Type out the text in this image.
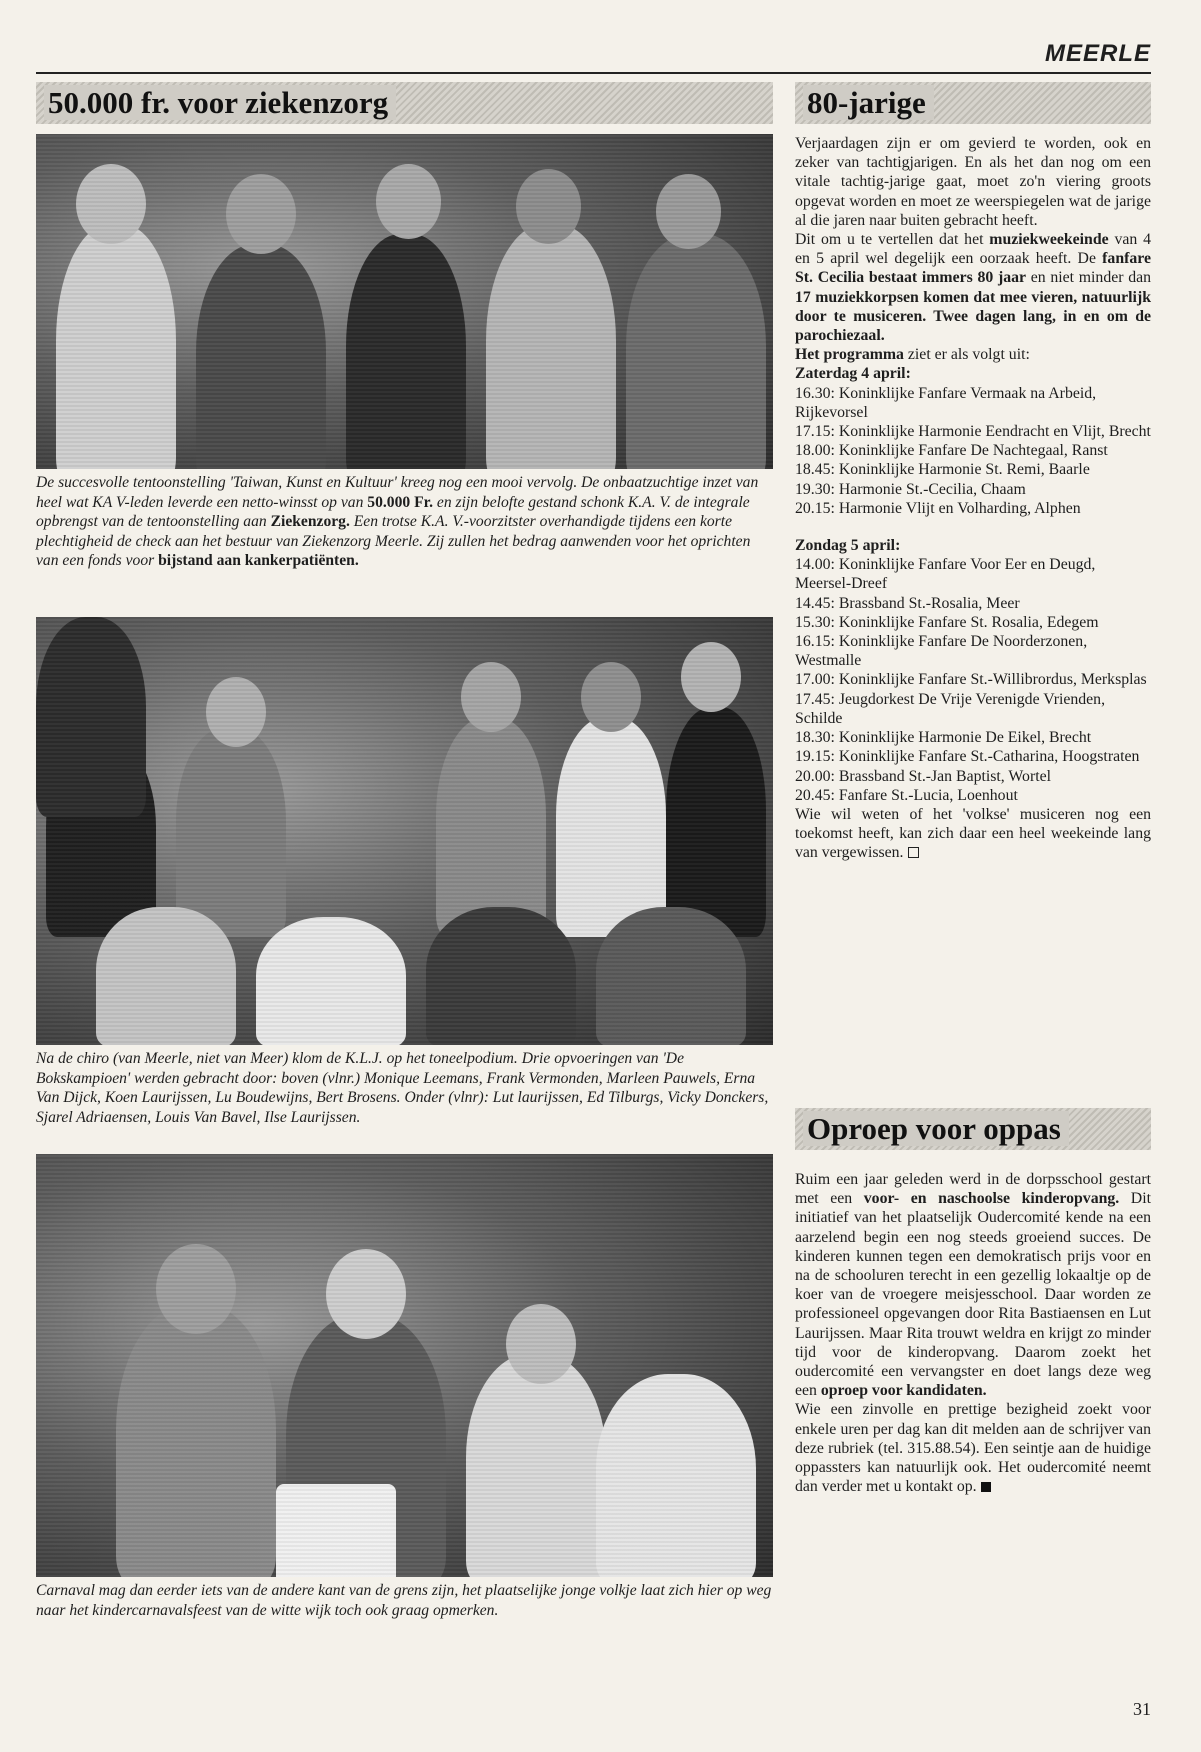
MEERLE
50.000 fr. voor ziekenzorg
De succesvolle tentoonstelling 'Taiwan, Kunst en Kultuur' kreeg nog een mooi vervolg. De onbaatzuchtige inzet van heel wat KA V-leden leverde een netto-winsst op van 50.000 Fr. en zijn belofte gestand schonk K.A. V. de integrale opbrengst van de tentoonstelling aan Ziekenzorg. Een trotse K.A. V.-voorzitster overhandigde tijdens een korte plechtigheid de check aan het bestuur van Ziekenzorg Meerle. Zij zullen het bedrag aanwenden voor het oprichten van een fonds voor bijstand aan kankerpatiënten.
Na de chiro (van Meerle, niet van Meer) klom de K.L.J. op het toneelpodium. Drie opvoeringen van 'De Bokskampioen' werden gebracht door: boven (vlnr.) Monique Leemans, Frank Vermonden, Marleen Pauwels, Erna Van Dijck, Koen Laurijssen, Lu Boudewijns, Bert Brosens. Onder (vlnr): Lut laurijssen, Ed Tilburgs, Vicky Donckers, Sjarel Adriaensen, Louis Van Bavel, Ilse Laurijssen.
Carnaval mag dan eerder iets van de andere kant van de grens zijn, het plaatselijke jonge volkje laat zich hier op weg naar het kindercarnavalsfeest van de witte wijk toch ook graag opmerken.
80-jarige

Verjaardagen zijn er om gevierd te worden, ook en zeker van tachtigjarigen. En als het dan nog om een vitale tachtig-jarige gaat, moet zo'n viering groots opgevat worden en moet ze weerspiegelen wat de jarige al die jaren naar buiten gebracht heeft.

Dit om u te vertellen dat het muziekweekeinde van 4 en 5 april wel degelijk een oorzaak heeft. De fanfare St. Cecilia bestaat immers 80 jaar en niet minder dan 17 muziekkorpsen komen dat mee vieren, natuurlijk door te musiceren. Twee dagen lang, in en om de parochiezaal.

Het programma ziet er als volgt uit:

Zaterdag 4 april:

16.30: Koninklijke Fanfare Vermaak na Arbeid, Rijkevorsel
17.15: Koninklijke Harmonie Eendracht en Vlijt, Brecht
18.00: Koninklijke Fanfare De Nachtegaal, Ranst
18.45: Koninklijke Harmonie St. Remi, Baarle
19.30: Harmonie St.-Cecilia, Chaam
20.15: Harmonie Vlijt en Volharding, Alphen

Zondag 5 april:

14.00: Koninklijke Fanfare Voor Eer en Deugd, Meersel-Dreef
14.45: Brassband St.-Rosalia, Meer
15.30: Koninklijke Fanfare St. Rosalia, Edegem
16.15: Koninklijke Fanfare De Noorderzonen, Westmalle
17.00: Koninklijke Fanfare St.-Willibrordus, Merksplas
17.45: Jeugdorkest De Vrije Verenigde Vrienden, Schilde
18.30: Koninklijke Harmonie De Eikel, Brecht
19.15: Koninklijke Fanfare St.-Catharina, Hoogstraten
20.00: Brassband St.-Jan Baptist, Wortel
20.45: Fanfare St.-Lucia, Loenhout

Wie wil weten of het 'volkse' musiceren nog een toekomst heeft, kan zich daar een heel weekeinde lang van vergewissen.

Oproep voor oppas

Ruim een jaar geleden werd in de dorpsschool gestart met een voor- en naschoolse kinderopvang. Dit initiatief van het plaatselijk Oudercomité kende na een aarzelend begin een nog steeds groeiend succes. De kinderen kunnen tegen een demokratisch prijs voor en na de schooluren terecht in een gezellig lokaaltje op de koer van de vroegere meisjesschool. Daar worden ze professioneel opgevangen door Rita Bastiaensen en Lut Laurijssen. Maar Rita trouwt weldra en krijgt zo minder tijd voor de kinderopvang. Daarom zoekt het oudercomité een vervangster en doet langs deze weg een oproep voor kandidaten.

Wie een zinvolle en prettige bezigheid zoekt voor enkele uren per dag kan dit melden aan de schrijver van deze rubriek (tel. 315.88.54). Een seintje aan de huidige oppassters kan natuurlijk ook. Het oudercomité neemt dan verder met u kontakt op.

31
